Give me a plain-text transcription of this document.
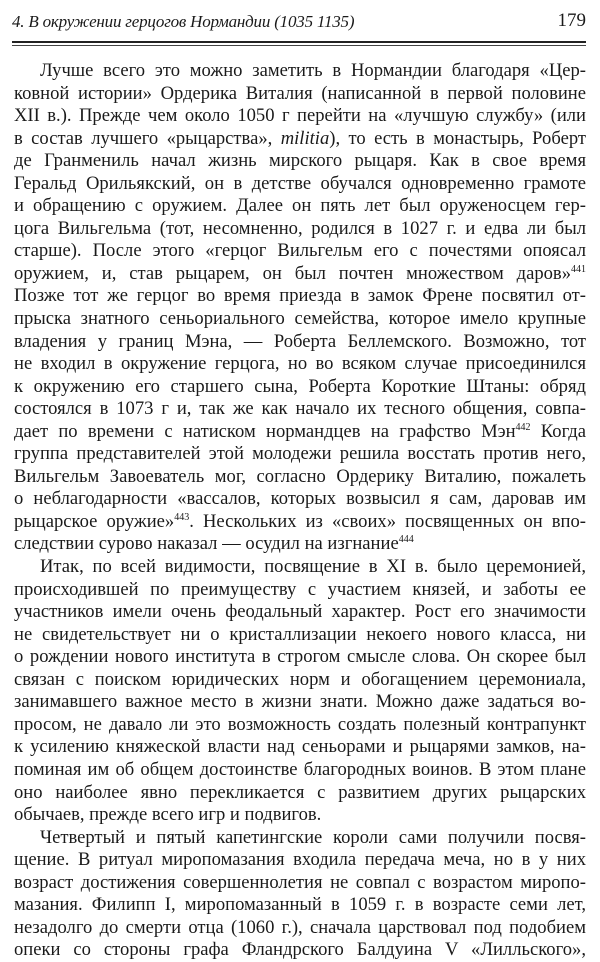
4. В окружении герцогов Нормандии (1035 1135)	179
Лучше всего это можно заметить в Нормандии благодаря «Цер-
ковной истории» Ордерика Виталия (написанной в первой половине
XII в.). Прежде чем около 1050 г перейти на «лучшую службу» (или
в состав лучшего «рыцарства», militia), то есть в монастырь, Роберт
де Гранмениль начал жизнь мирского рыцаря. Как в свое время
Геральд Орильякский, он в детстве обучался одновременно грамоте
и обращению с оружием. Далее он пять лет был оруженосцем гер-
цога Вильгельма (тот, несомненно, родился в 1027 г. и едва ли был
старше). После этого «герцог Вильгельм его с почестями опоясал
оружием, и, став рыцарем, он был почтен множеством даров»$^{441}$
Позже тот же герцог во время приезда в замок Френе посвятил от-
прыска знатного сеньориального семейства, которое имело крупные
владения у границ Мэна, — Роберта Беллемского. Возможно, тот
не входил в окружение герцога, но во всяком случае присоединился
к окружению его старшего сына, Роберта Короткие Штаны: обряд
состоялся в 1073 г и, так же как начало их тесного общения, совпа-
дает по времени с натиском нормандцев на графство Мэн$^{442}$ Когда
группа представителей этой молодежи решила восстать против него,
Вильгельм Завоеватель мог, согласно Ордерику Виталию, пожалеть
о неблагодарности «вассалов, которых возвысил я сам, даровав им
рыцарское оружие»$^{443}$. Нескольких из «своих» посвященных он впо-
следствии сурово наказал — осудил на изгнание$^{444}$
Итак, по всей видимости, посвящение в XI в. было церемонией,
происходившей по преимуществу с участием князей, и заботы ее
участников имели очень феодальный характер. Рост его значимости
не свидетельствует ни о кристаллизации некоего нового класса, ни
о рождении нового института в строгом смысле слова. Он скорее был
связан с поиском юридических норм и обогащением церемониала,
занимавшего важное место в жизни знати. Можно даже задаться во-
просом, не давало ли это возможность создать полезный контрапункт
к усилению княжеской власти над сеньорами и рыцарями замков, на-
поминая им об общем достоинстве благородных воинов. В этом плане
оно наиболее явно перекликается с развитием других рыцарских
обычаев, прежде всего игр и подвигов.
Четвертый и пятый капетингские короли сами получили посвя-
щение. В ритуал миропомазания входила передача меча, но в у них
возраст достижения совершеннолетия не совпал с возрастом миропо-
мазания. Филипп I, миропомазанный в 1059 г. в возрасте семи лет,
незадолго до смерти отца (1060 г.), сначала царствовал под подобием
опеки со стороны графа Фландрского Балдуина V «Лилльского»,
